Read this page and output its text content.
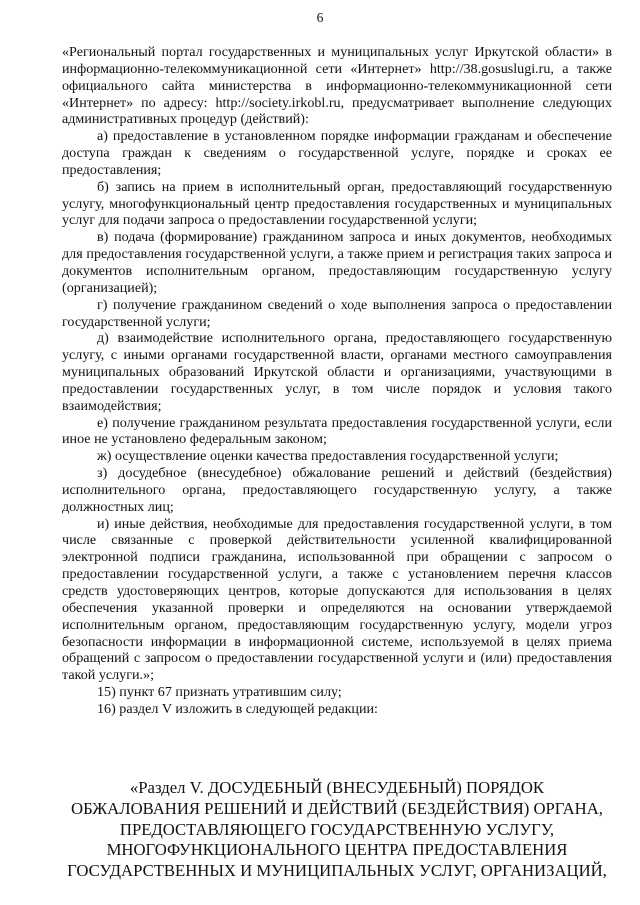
6

«Региональный портал государственных и муниципальных услуг Иркутской области» в информационно-телекоммуникационной сети «Интернет» http://38.gosuslugi.ru, а также официального сайта министерства в информационно-телекоммуникационной сети «Интернет» по адресу: http://society.irkobl.ru, предусматривает выполнение следующих административных процедур (действий):

а) предоставление в установленном порядке информации гражданам и обеспечение доступа граждан к сведениям о государственной услуге, порядке и сроках ее предоставления;

б) запись на прием в исполнительный орган, предоставляющий государственную услугу, многофункциональный центр предоставления государственных и муниципальных услуг для подачи запроса о предоставлении государственной услуги;

в) подача (формирование) гражданином запроса и иных документов, необходимых для предоставления государственной услуги, а также прием и регистрация таких запроса и документов исполнительным органом, предоставляющим государственную услугу (организацией);

г) получение гражданином сведений о ходе выполнения запроса о предоставлении государственной услуги;

д) взаимодействие исполнительного органа, предоставляющего государственную услугу, с иными органами государственной власти, органами местного самоуправления муниципальных образований Иркутской области и организациями, участвующими в предоставлении государственных услуг, в том числе порядок и условия такого взаимодействия;

е) получение гражданином результата предоставления государственной услуги, если иное не установлено федеральным законом;

ж) осуществление оценки качества предоставления государственной услуги;

з) досудебное (внесудебное) обжалование решений и действий (бездействия) исполнительного органа, предоставляющего государственную услугу, а также должностных лиц;

и) иные действия, необходимые для предоставления государственной услуги, в том числе связанные с проверкой действительности усиленной квалифицированной электронной подписи гражданина, использованной при обращении с запросом о предоставлении государственной услуги, а также с установлением перечня классов средств удостоверяющих центров, которые допускаются для использования в целях обеспечения указанной проверки и определяются на основании утверждаемой исполнительным органом, предоставляющим государственную услугу, модели угроз безопасности информации в информационной системе, используемой в целях приема обращений с запросом о предоставлении государственной услуги и (или) предоставления такой услуги.»;

15) пункт 67 признать утратившим силу;

16) раздел V изложить в следующей редакции:

«Раздел V. ДОСУДЕБНЫЙ (ВНЕСУДЕБНЫЙ) ПОРЯДОК
ОБЖАЛОВАНИЯ РЕШЕНИЙ И ДЕЙСТВИЙ (БЕЗДЕЙСТВИЯ) ОРГАНА,
ПРЕДОСТАВЛЯЮЩЕГО ГОСУДАРСТВЕННУЮ УСЛУГУ,
МНОГОФУНКЦИОНАЛЬНОГО ЦЕНТРА ПРЕДОСТАВЛЕНИЯ
ГОСУДАРСТВЕННЫХ И МУНИЦИПАЛЬНЫХ УСЛУГ, ОРГАНИЗАЦИЙ,
